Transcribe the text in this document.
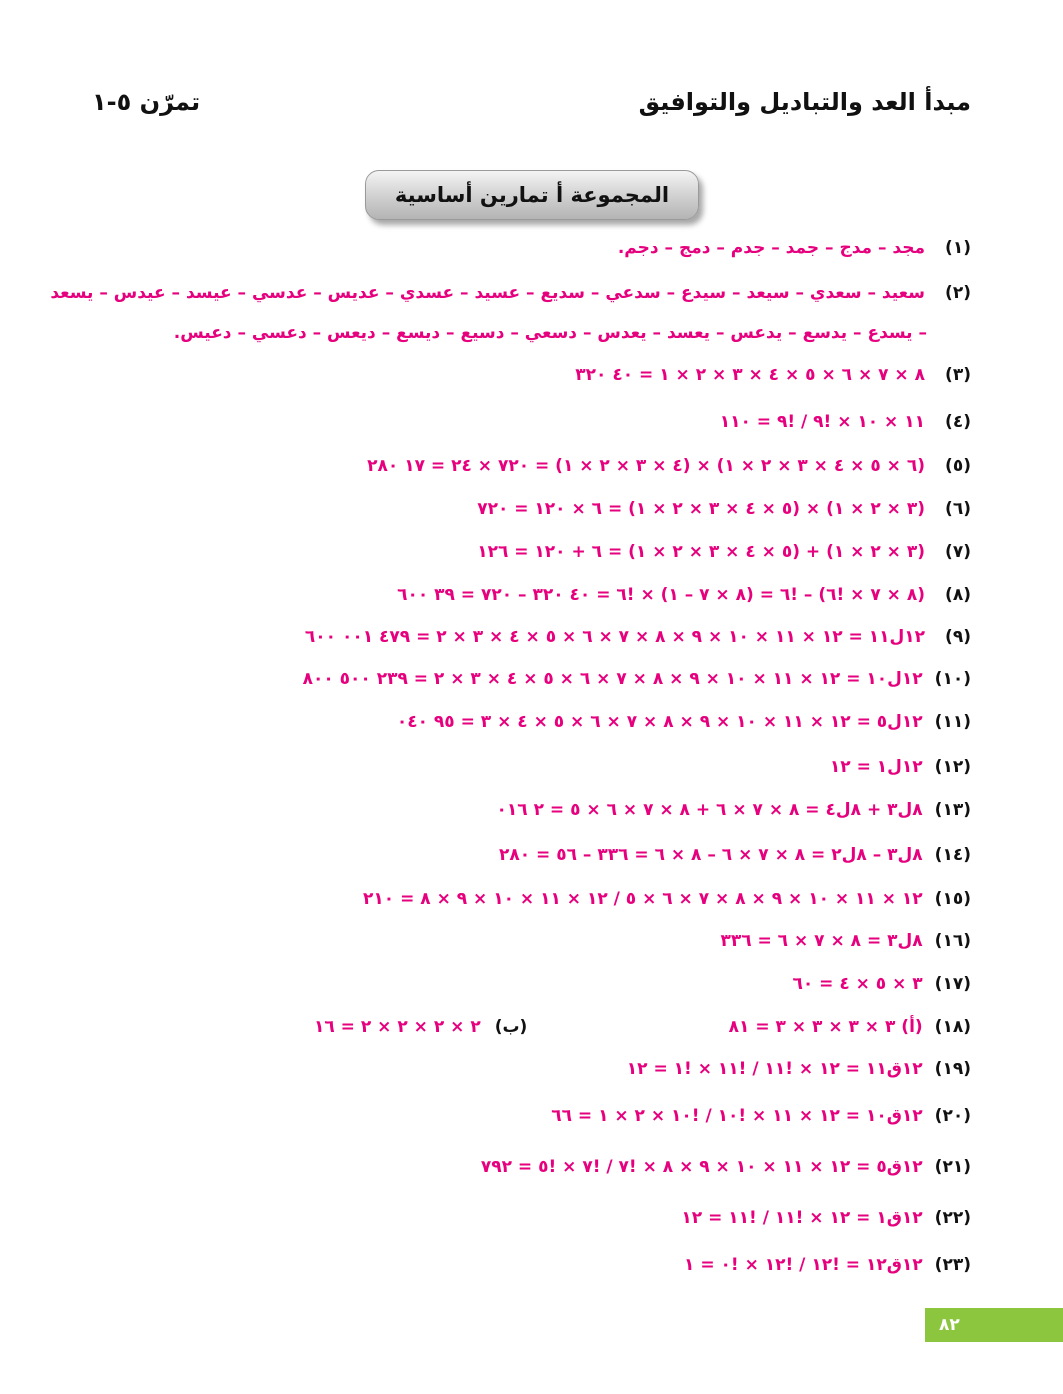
مبدأ العد والتباديل والتوافيق
تمرّن ٥-١
المجموعة أ تمارين أساسية
(١)
مجد – مدج – جمد – جدم – دمج – دجم.
(٢)
سعيد – سعدي – سيعد – سيدع – سدعي – سديع – عسيد – عسدي – عديس – عدسي – عيسد – عيدس – يسعد
– يسدع – يدسع – يدعس – يعسد – يعدس – دسعي – دسيع – ديسع – ديعس – دعسي – دعيس.
(٣)
٨ × ٧ × ٦ × ٥ × ٤ × ٣ × ٢ × ١ = ٤٠ ٣٢٠
(٤)
١١ × ١٠ × !٩ / !٩ = ١١٠
(٥)
(٦ × ٥ × ٤ × ٣ × ٢ × ١) × (٤ × ٣ × ٢ × ١) = ٧٢٠ × ٢٤ = ١٧ ٢٨٠
(٦)
(٣ × ٢ × ١) × (٥ × ٤ × ٣ × ٢ × ١) = ٦ × ١٢٠ = ٧٢٠
(٧)
(٣ × ٢ × ١) + (٥ × ٤ × ٣ × ٢ × ١) = ٦ + ١٢٠ = ١٢٦
(٨)
(٨ × ٧ × !٦) – !٦ = (٨ × ٧ – ١) × !٦ = ٤٠ ٣٢٠ – ٧٢٠ = ٣٩ ٦٠٠
(٩)
١٢ل١١ = ١٢ × ١١ × ١٠ × ٩ × ٨ × ٧ × ٦ × ٥ × ٤ × ٣ × ٢ = ٤٧٩ ٠٠١ ٦٠٠
(١٠)
١٢ل١٠ = ١٢ × ١١ × ١٠ × ٩ × ٨ × ٧ × ٦ × ٥ × ٤ × ٣ × ٢ = ٢٣٩ ٥٠٠ ٨٠٠
(١١)
١٢ل٥ = ١٢ × ١١ × ١٠ × ٩ × ٨ × ٧ × ٦ × ٥ × ٤ × ٣ = ٩٥ ٠٤٠
(١٢)
١٢ل١ = ١٢
(١٣)
٨ل٣ + ٨ل٤ = ٨ × ٧ × ٦ + ٨ × ٧ × ٦ × ٥ = ٢ ٠١٦
(١٤)
٨ل٣ – ٨ل٢ = ٨ × ٧ × ٦ – ٨ × ٦ = ٣٣٦ – ٥٦ = ٢٨٠
(١٥)
١٢ × ١١ × ١٠ × ٩ × ٨ × ٧ × ٦ × ٥ / ١٢ × ١١ × ١٠ × ٩ × ٨ = ٢١٠
(١٦)
٨ل٣ = ٨ × ٧ × ٦ = ٣٣٦
(١٧)
٣ × ٥ × ٤ = ٦٠
(١٨)
(أ) ٣ × ٣ × ٣ × ٣ = ٨١
(ب)
٢ × ٢ × ٢ × ٢ = ١٦
(١٩)
١٢ق١١ = ١٢ × !١١ / !١١ × !١ = ١٢
(٢٠)
١٢ق١٠ = ١٢ × ١١ × !١٠ / !١٠ × ٢ × ١ = ٦٦
(٢١)
١٢ق٥ = ١٢ × ١١ × ١٠ × ٩ × ٨ × !٧ / !٧ × !٥ = ٧٩٢
(٢٢)
١٢ق١ = ١٢ × !١١ / !١١ = ١٢
(٢٣)
١٢ق١٢ = !١٢ / !١٢ × !٠ = ١
٨٢
